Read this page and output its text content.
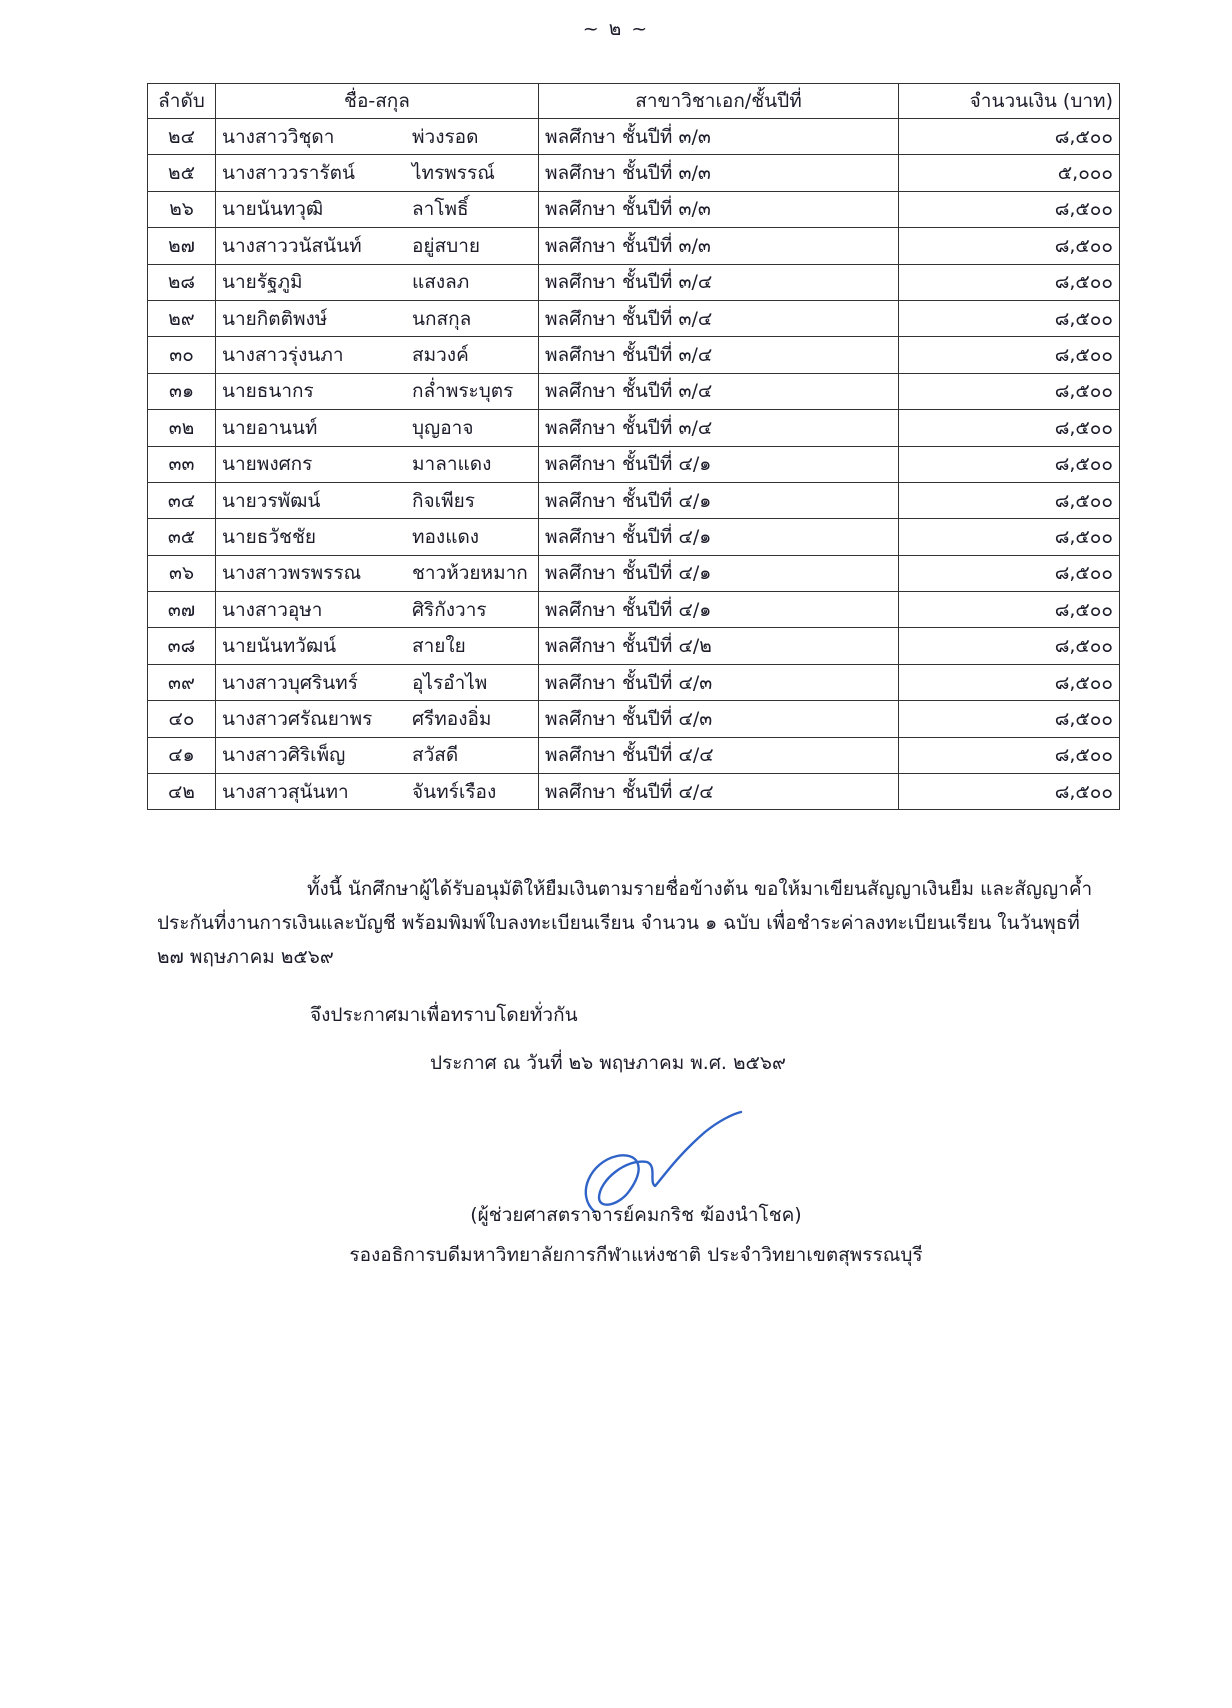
~ ๒ ~
ลำดับ	ชื่อ-สกุล	สาขาวิชาเอก/ชั้นปีที่	จำนวนเงิน (บาท)
๒๔	นางสาววิชุดา พ่วงรอด	พลศึกษา ชั้นปีที่ ๓/๓	๘,๕๐๐
๒๕	นางสาววรารัตน์ ไทรพรรณ์	พลศึกษา ชั้นปีที่ ๓/๓	๕,๐๐๐
๒๖	นายนันทวุฒิ ลาโพธิ์	พลศึกษา ชั้นปีที่ ๓/๓	๘,๕๐๐
๒๗	นางสาววนัสนันท์ อยู่สบาย	พลศึกษา ชั้นปีที่ ๓/๓	๘,๕๐๐
๒๘	นายรัฐภูมิ แสงลภ	พลศึกษา ชั้นปีที่ ๓/๔	๘,๕๐๐
๒๙	นายกิตติพงษ์ นกสกุล	พลศึกษา ชั้นปีที่ ๓/๔	๘,๕๐๐
๓๐	นางสาวรุ่งนภา สมวงค์	พลศึกษา ชั้นปีที่ ๓/๔	๘,๕๐๐
๓๑	นายธนากร กล่ำพระบุตร	พลศึกษา ชั้นปีที่ ๓/๔	๘,๕๐๐
๓๒	นายอานนท์ บุญอาจ	พลศึกษา ชั้นปีที่ ๓/๔	๘,๕๐๐
๓๓	นายพงศกร มาลาแดง	พลศึกษา ชั้นปีที่ ๔/๑	๘,๕๐๐
๓๔	นายวรพัฒน์ กิจเพียร	พลศึกษา ชั้นปีที่ ๔/๑	๘,๕๐๐
๓๕	นายธวัชชัย ทองแดง	พลศึกษา ชั้นปีที่ ๔/๑	๘,๕๐๐
๓๖	นางสาวพรพรรณ ชาวห้วยหมาก	พลศึกษา ชั้นปีที่ ๔/๑	๘,๕๐๐
๓๗	นางสาวอุษา ศิริกังวาร	พลศึกษา ชั้นปีที่ ๔/๑	๘,๕๐๐
๓๘	นายนันทวัฒน์ สายใย	พลศึกษา ชั้นปีที่ ๔/๒	๘,๕๐๐
๓๙	นางสาวบุศรินทร์ อุไรอำไพ	พลศึกษา ชั้นปีที่ ๔/๓	๘,๕๐๐
๔๐	นางสาวศรัณยาพร ศรีทองอิ่ม	พลศึกษา ชั้นปีที่ ๔/๓	๘,๕๐๐
๔๑	นางสาวศิริเพ็ญ สวัสดี	พลศึกษา ชั้นปีที่ ๔/๔	๘,๕๐๐
๔๒	นางสาวสุนันทา จันทร์เรือง	พลศึกษา ชั้นปีที่ ๔/๔	๘,๕๐๐
ทั้งนี้ นักศึกษาผู้ได้รับอนุมัติให้ยืมเงินตามรายชื่อข้างต้น ขอให้มาเขียนสัญญาเงินยืม และสัญญาค้ำประกันที่งานการเงินและบัญชี พร้อมพิมพ์ใบลงทะเบียนเรียน จำนวน ๑ ฉบับ เพื่อชำระค่าลงทะเบียนเรียน ในวันพุธที่ ๒๗ พฤษภาคม ๒๕๖๙
จึงประกาศมาเพื่อทราบโดยทั่วกัน
ประกาศ ณ วันที่ ๒๖ พฤษภาคม พ.ศ. ๒๕๖๙
(ผู้ช่วยศาสตราจารย์คมกริช ฆ้องนำโชค)
รองอธิการบดีมหาวิทยาลัยการกีฬาแห่งชาติ ประจำวิทยาเขตสุพรรณบุรี
